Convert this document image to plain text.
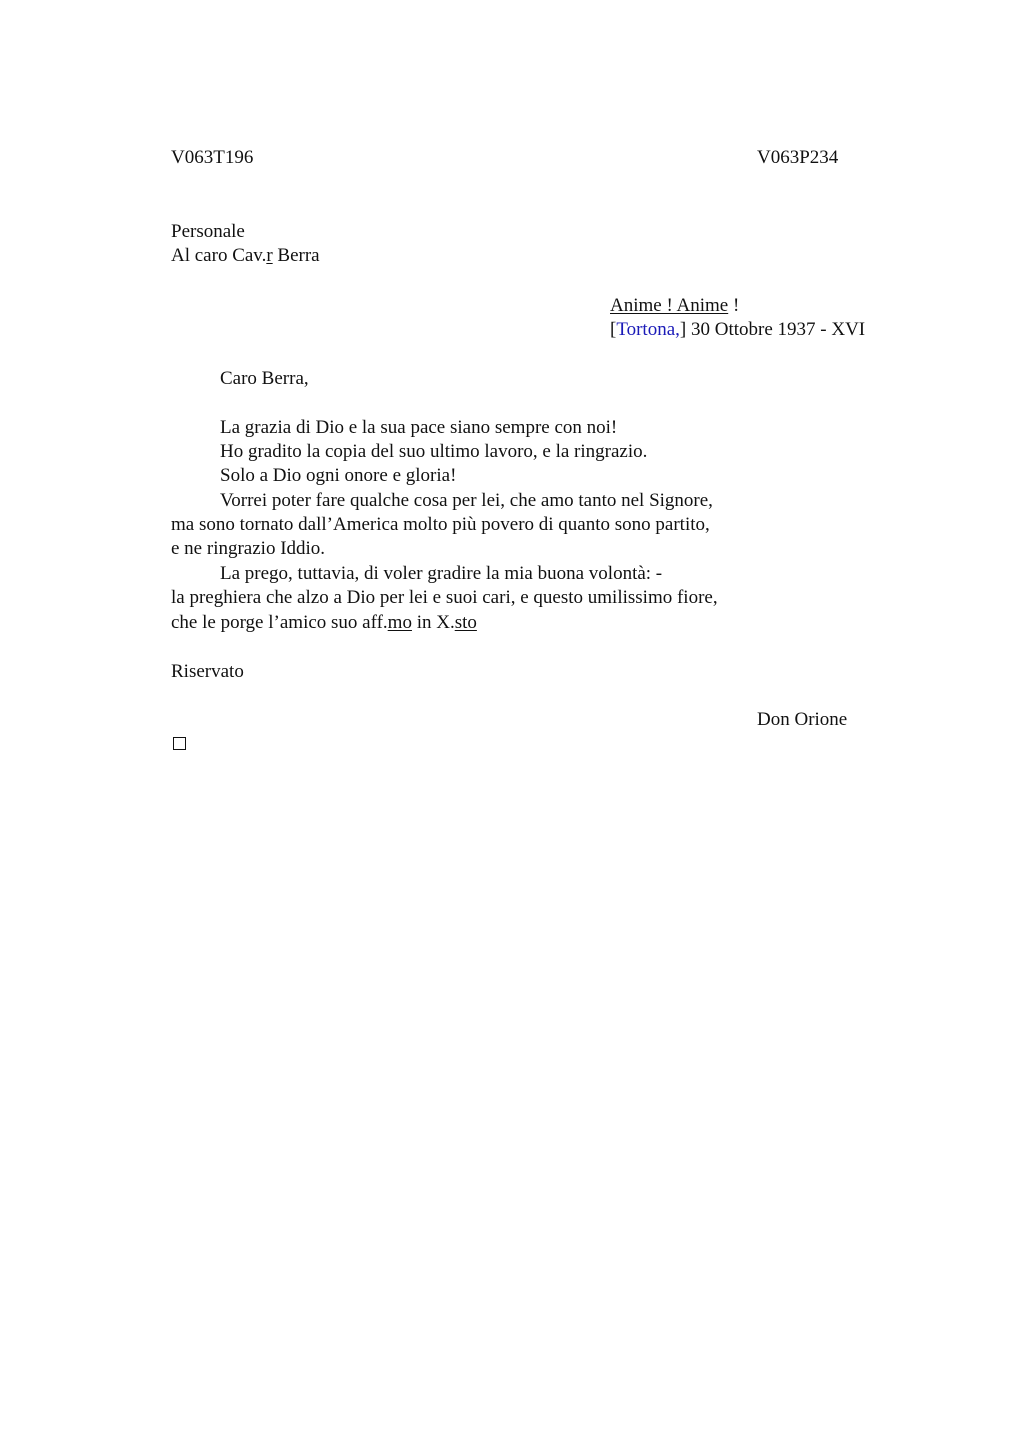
V063T196	V063P234
Personale
Al caro Cav.r Berra
Anime ! Anime !
[Tortona,] 30 Ottobre 1937 - XVI
Caro Berra,
La grazia di Dio e la sua pace siano sempre con noi!
Ho gradito la copia del suo ultimo lavoro, e la ringrazio.
Solo a Dio ogni onore e gloria!
Vorrei poter fare qualche cosa per lei, che amo tanto nel Signore,
ma sono tornato dall’America molto più povero di quanto sono partito,
e ne ringrazio Iddio.
La prego, tuttavia, di voler gradire la mia buona volontà: -
la preghiera che alzo a Dio per lei e suoi cari, e questo umilissimo fiore,
che le porge l’amico suo aff.mo in X.sto
Riservato
Don Orione
